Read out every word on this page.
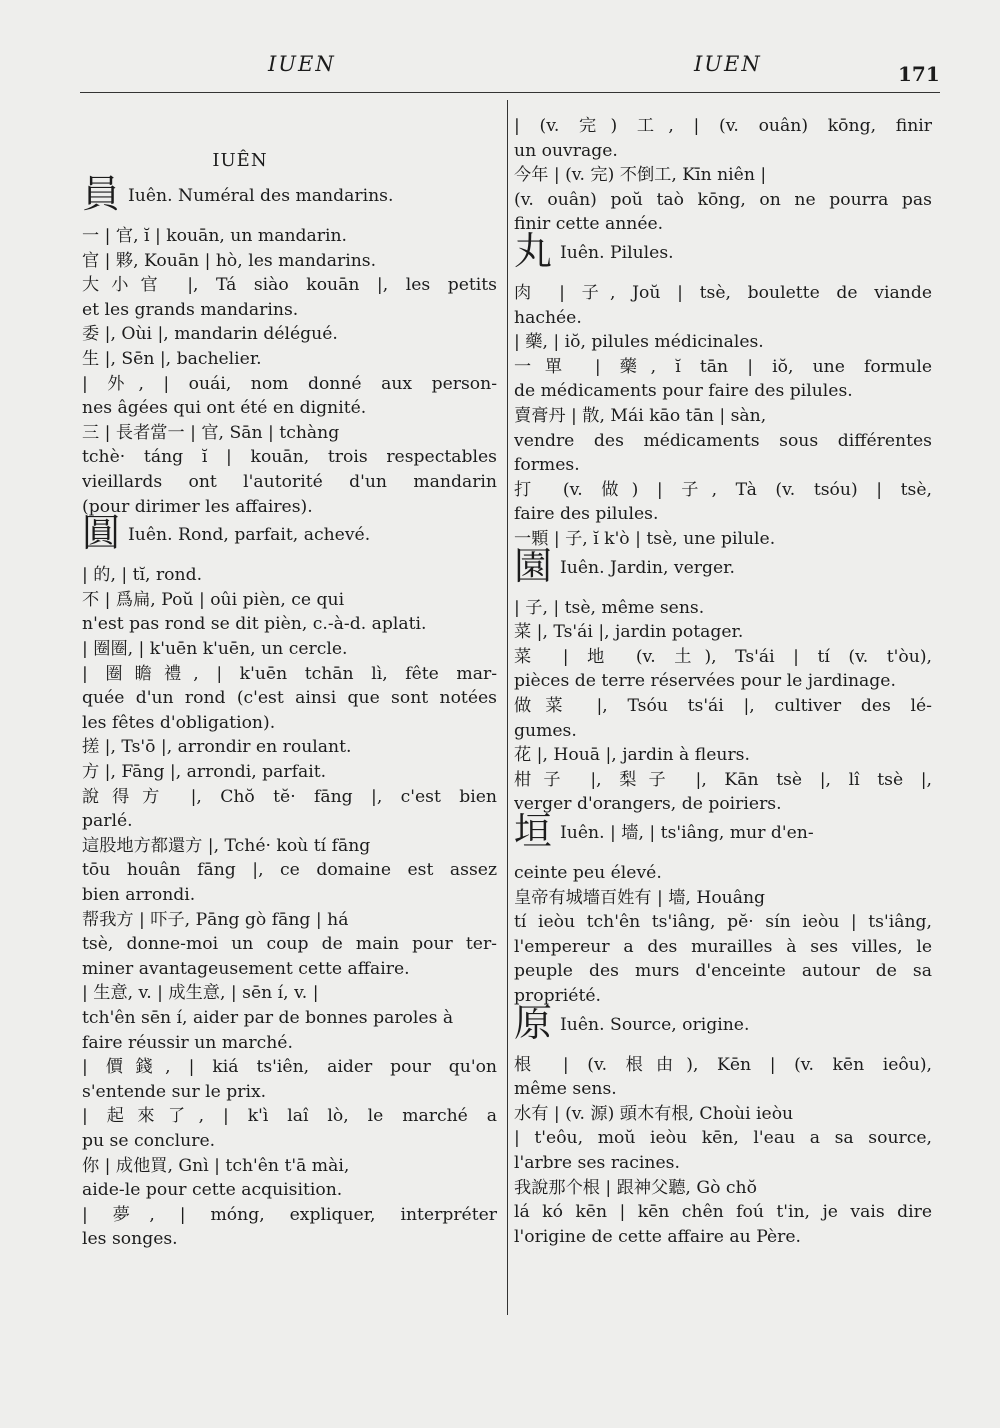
IUEN	IUEN	171
IUÊN
員 Iuên. Numéral des mandarins.
一 | 官, ĭ | kouān, un mandarin.
官 | 夥, Kouān | hò, les mandarins.
大小官 |, Tá siào kouān |, les petits
et les grands mandarins.
委 |, Oùi |, mandarin délégué.
生 |, Sēn |, bachelier.
| 外, | ouái, nom donné aux person-
nes âgées qui ont été en dignité.
三 | 長者當一 | 官, Sān | tchàng
tchè· táng ĭ | kouān, trois respectables
vieillards ont l'autorité d'un mandarin
(pour dirimer les affaires).
圓 Iuên. Rond, parfait, achevé.
| 的, | tĭ, rond.
不 | 爲扁, Poŭ | oûi pièn, ce qui
n'est pas rond se dit pièn, c.-à-d. aplati.
| 圈圈, | k'uēn k'uēn, un cercle.
| 圈瞻禮, | k'uēn tchān lì, fête mar-
quée d'un rond (c'est ainsi que sont notées
les fêtes d'obligation).
搓 |, Ts'ō |, arrondir en roulant.
方 |, Fāng |, arrondi, parfait.
說得方 |, Chŏ tĕ· fāng |, c'est bien
parlé.
這股地方都還方 |, Tché· koù tí fāng
tōu houân fāng |, ce domaine est assez
bien arrondi.
帮我方 | 吓子, Pāng gò fāng | há
tsè, donne-moi un coup de main pour ter-
miner avantageusement cette affaire.
| 生意, v. | 成生意, | sēn í, v. |
tch'ên sēn í, aider par de bonnes paroles à
faire réussir un marché.
| 價錢, | kiá ts'iên, aider pour qu'on
s'entende sur le prix.
| 起來了, | k'ì laî lò, le marché a
pu se conclure.
你 | 成他買, Gnì | tch'ên t'ā mài,
aide-le pour cette acquisition.
| 夢, | móng, expliquer, interpréter
les songes.
| (v. 完) 工, | (v. ouân) kōng, finir
un ouvrage.
今年 | (v. 完) 不倒工, Kīn niên |
(v. ouân) poŭ taò kōng, on ne pourra pas
finir cette année.
丸 Iuên. Pilules.
肉 | 子, Joŭ | tsè, boulette de viande
hachée.
| 藥, | iŏ, pilules médicinales.
一單 | 藥, ĭ tān | iŏ, une formule
de médicaments pour faire des pilules.
賣膏丹 | 散, Mái kāo tān | sàn,
vendre des médicaments sous différentes
formes.
打 (v. 做) | 子, Tà (v. tsóu) | tsè,
faire des pilules.
一顆 | 子, ĭ k'ò | tsè, une pilule.
園 Iuên. Jardin, verger.
| 子, | tsè, même sens.
菜 |, Ts'ái |, jardin potager.
菜 | 地 (v. 土), Ts'ái | tí (v. t'òu),
pièces de terre réservées pour le jardinage.
做菜 |, Tsóu ts'ái |, cultiver des lé-
gumes.
花 |, Houā |, jardin à fleurs.
柑子 |, 梨子 |, Kān tsè |, lî tsè |,
verger d'orangers, de poiriers.
垣 Iuên. | 墻, | ts'iâng, mur d'en-
ceinte peu élevé.
皇帝有城墻百姓有 | 墻, Houâng
tí ieòu tch'ên ts'iâng, pĕ· sín ieòu | ts'iâng,
l'empereur a des murailles à ses villes, le
peuple des murs d'enceinte autour de sa
propriété.
原 Iuên. Source, origine.
根 | (v. 根由), Kēn | (v. kēn ieôu),
même sens.
水有 | (v. 源) 頭木有根, Choùi ieòu
| t'eôu, moŭ ieòu kēn, l'eau a sa source,
l'arbre ses racines.
我說那个根 | 跟神父聽, Gò chŏ
lá kó kēn | kēn chên foú t'in, je vais dire
l'origine de cette affaire au Père.
